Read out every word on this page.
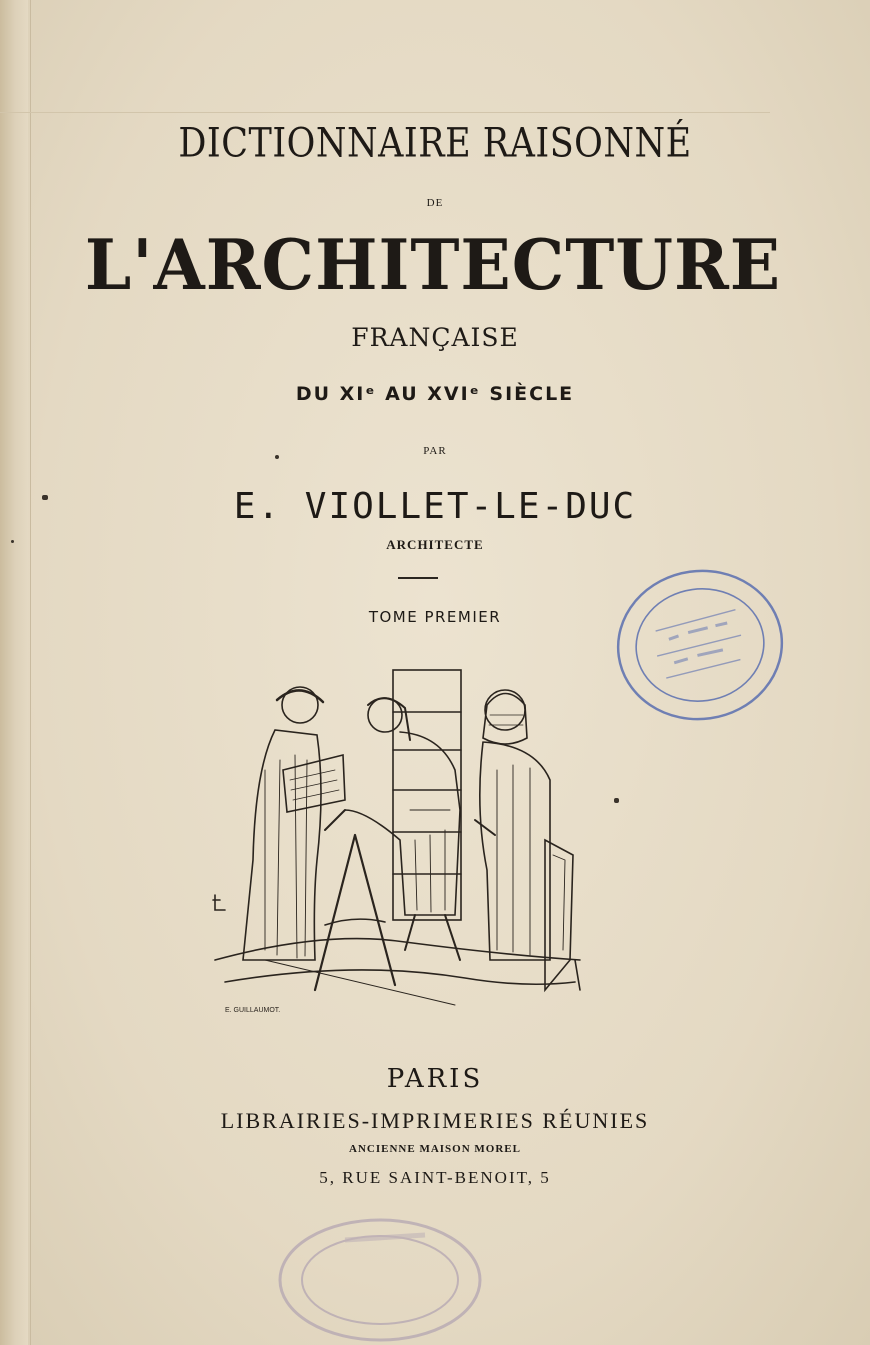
DICTIONNAIRE RAISONNÉ
DE
L'ARCHITECTURE
FRANÇAISE
DU XIᵉ AU XVIᵉ SIÈCLE
PAR
E. VIOLLET-LE-DUC
ARCHITECTE
TOME PREMIER
E. GUILLAUMOT.
PARIS
LIBRAIRIES-IMPRIMERIES RÉUNIES
ANCIENNE MAISON MOREL
5, RUE SAINT-BENOIT, 5
